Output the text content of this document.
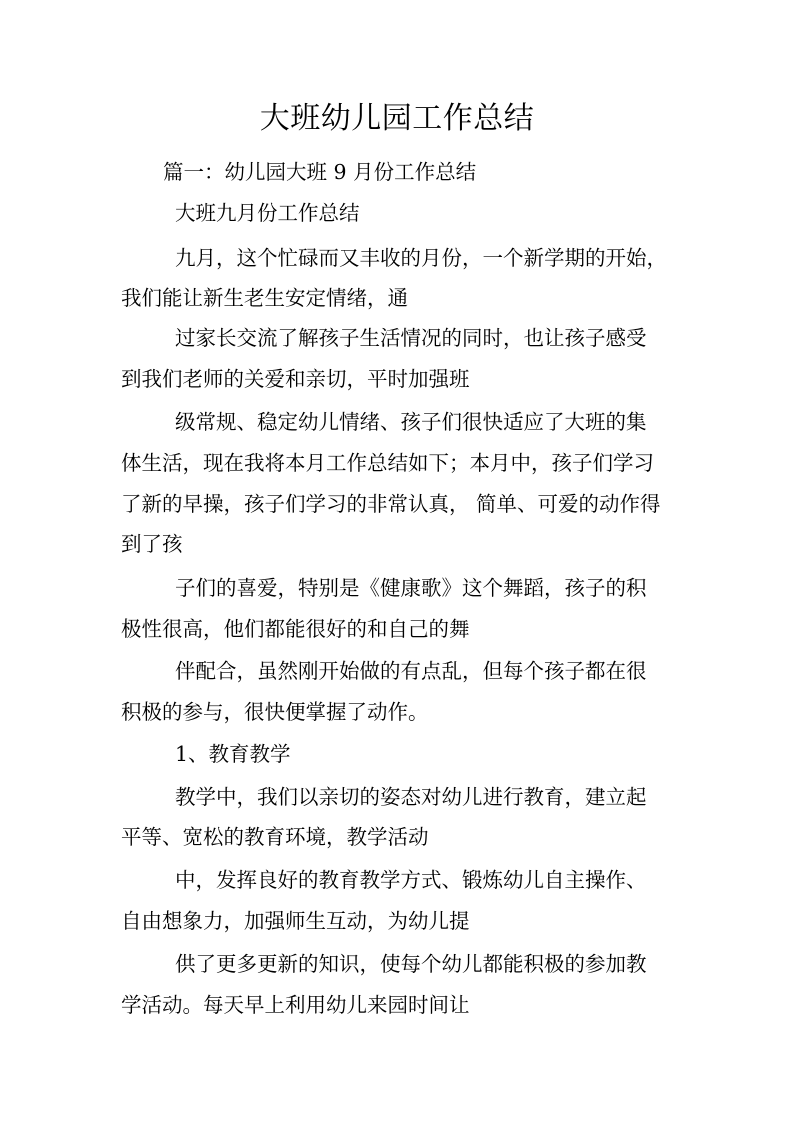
大班幼儿园工作总结

篇一：幼儿园大班 9 月份工作总结

大班九月份工作总结

九月，这个忙碌而又丰收的月份，一个新学期的开始，

我们能让新生老生安定情绪，通

过家长交流了解孩子生活情况的同时，也让孩子感受

到我们老师的关爱和亲切，平时加强班

级常规、稳定幼儿情绪、孩子们很快适应了大班的集

体生活，现在我将本月工作总结如下；本月中，孩子们学习

了新的早操，孩子们学习的非常认真， 简单、可爱的动作得

到了孩

子们的喜爱，特别是《健康歌》这个舞蹈，孩子的积

极性很高，他们都能很好的和自己的舞

伴配合，虽然刚开始做的有点乱，但每个孩子都在很

积极的参与，很快便掌握了动作。

1、教育教学

教学中，我们以亲切的姿态对幼儿进行教育，建立起

平等、宽松的教育环境，教学活动

中，发挥良好的教育教学方式、锻炼幼儿自主操作、

自由想象力，加强师生互动，为幼儿提

供了更多更新的知识，使每个幼儿都能积极的参加教

学活动。每天早上利用幼儿来园时间让
